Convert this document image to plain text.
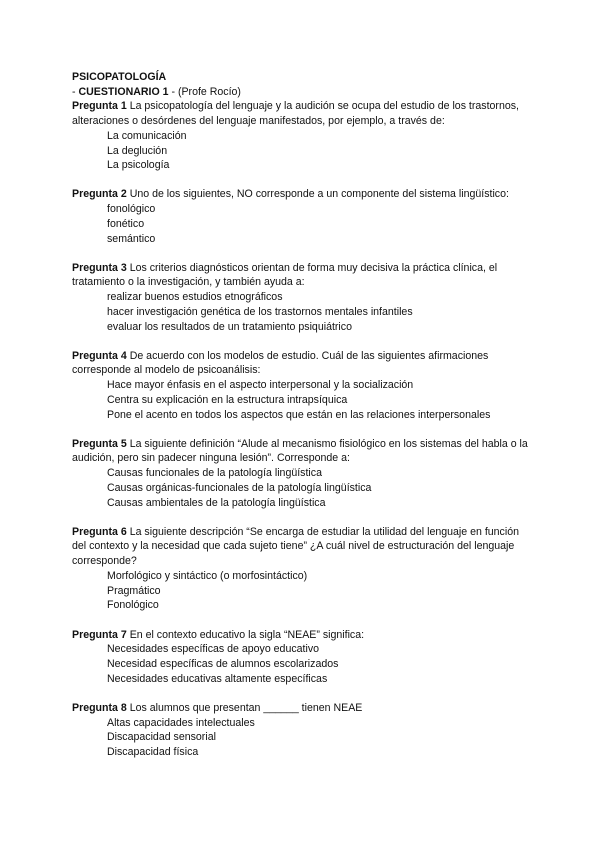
PSICOPATOLOGÍA

- CUESTIONARIO 1 - (Profe Rocío)

Pregunta 1 La psicopatología del lenguaje y la audición se ocupa del estudio de los trastornos, alteraciones o desórdenes del lenguaje manifestados, por ejemplo, a través de:

La comunicación
La deglución
La psicología

Pregunta 2 Uno de los siguientes, NO corresponde a un componente del sistema lingüístico:

fonológico
fonético
semántico

Pregunta 3 Los criterios diagnósticos orientan de forma muy decisiva la práctica clínica, el tratamiento o la investigación, y también ayuda a:

realizar buenos estudios etnográficos
hacer investigación genética de los trastornos mentales infantiles
evaluar los resultados de un tratamiento psiquiátrico

Pregunta 4 De acuerdo con los modelos de estudio. Cuál de las siguientes afirmaciones corresponde al modelo de psicoanálisis:

Hace mayor énfasis en el aspecto interpersonal y la socialización
Centra su explicación en la estructura intrapsíquica
Pone el acento en todos los aspectos que están en las relaciones interpersonales

Pregunta 5 La siguiente definición “Alude al mecanismo fisiológico en los sistemas del habla o la audición, pero sin padecer ninguna lesión”. Corresponde a:

Causas funcionales de la patología lingüística
Causas orgánicas-funcionales de la patología lingüística
Causas ambientales de la patología lingüística

Pregunta 6 La siguiente descripción “Se encarga de estudiar la utilidad del lenguaje en función del contexto y la necesidad que cada sujeto tiene” ¿A cuál nivel de estructuración del lenguaje corresponde?

Morfológico y sintáctico (o morfosintáctico)
Pragmático
Fonológico

Pregunta 7 En el contexto educativo la sigla “NEAE” significa:

Necesidades específicas de apoyo educativo
Necesidad específicas de alumnos escolarizados
Necesidades educativas altamente específicas

Pregunta 8 Los alumnos que presentan ______ tienen NEAE

Altas capacidades intelectuales
Discapacidad sensorial
Discapacidad física
